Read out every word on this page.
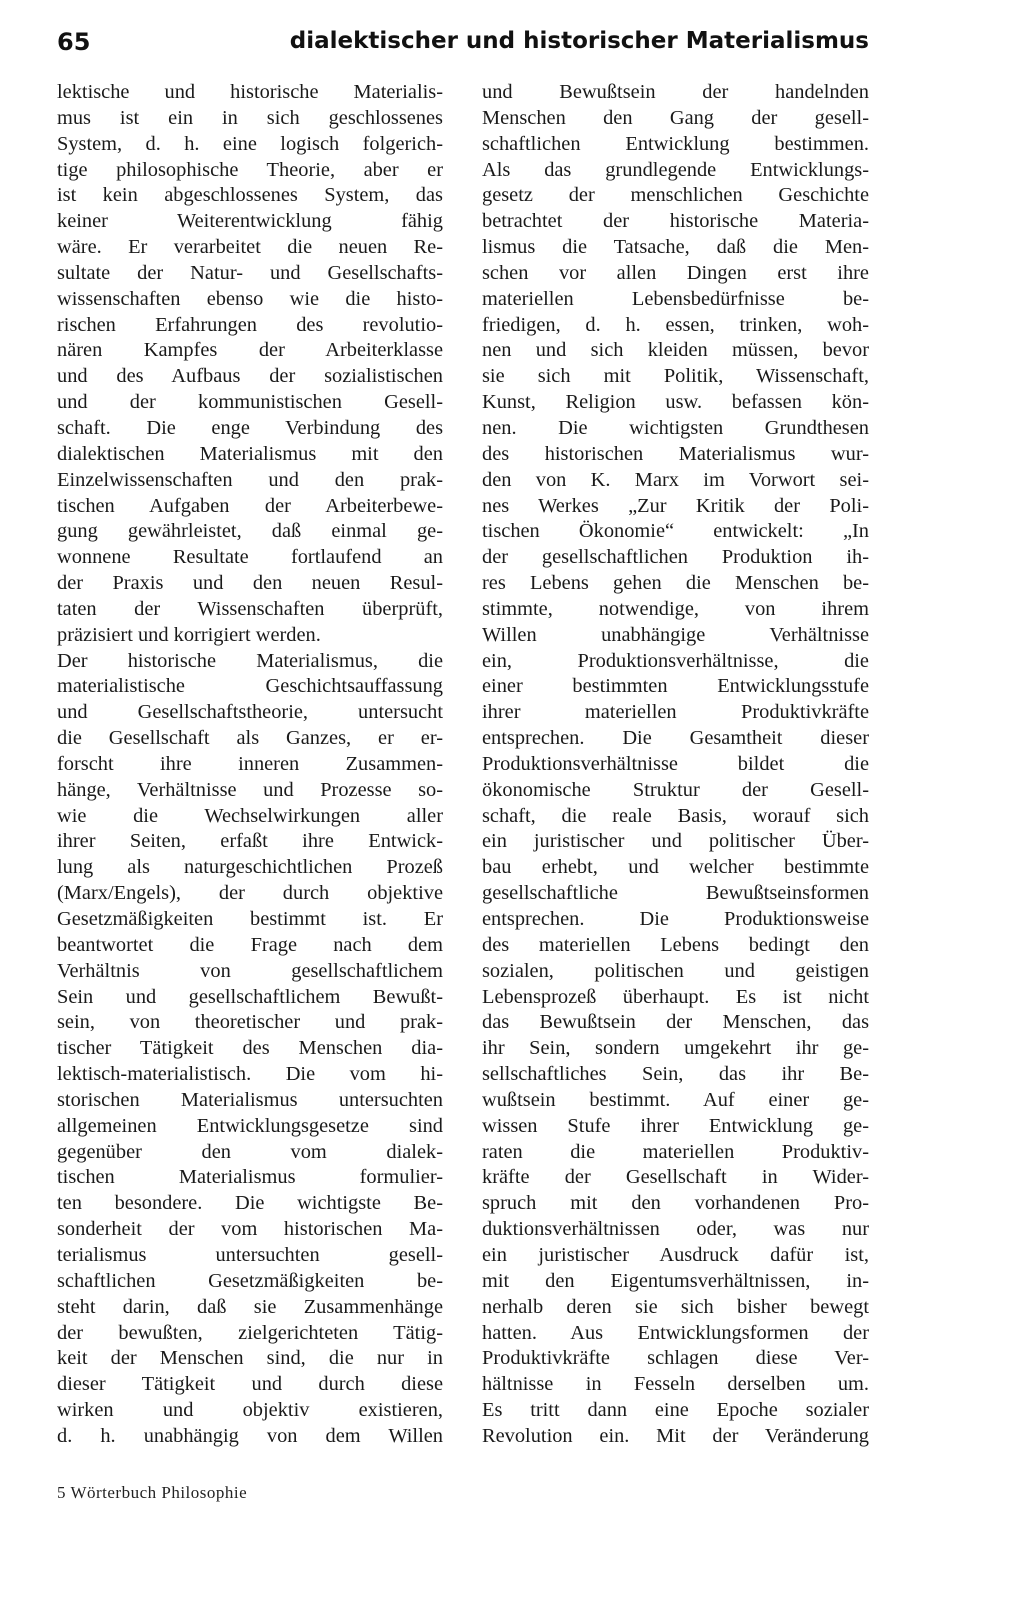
65	dialektischer und historischer Materialismus
lektische und historische Materialis-
mus ist ein in sich geschlossenes
System, d. h. eine logisch folgerich-
tige philosophische Theorie, aber er
ist kein abgeschlossenes System, das
keiner Weiterentwicklung fähig
wäre. Er verarbeitet die neuen Re-
sultate der Natur- und Gesellschafts-
wissenschaften ebenso wie die histo-
rischen Erfahrungen des revolutio-
nären Kampfes der Arbeiterklasse
und des Aufbaus der sozialistischen
und der kommunistischen Gesell-
schaft. Die enge Verbindung des
dialektischen Materialismus mit den
Einzelwissenschaften und den prak-
tischen Aufgaben der Arbeiterbewe-
gung gewährleistet, daß einmal ge-
wonnene Resultate fortlaufend an
der Praxis und den neuen Resul-
taten der Wissenschaften überprüft,
präzisiert und korrigiert werden.
Der historische Materialismus, die
materialistische Geschichtsauffassung
und Gesellschaftstheorie, untersucht
die Gesellschaft als Ganzes, er er-
forscht ihre inneren Zusammen-
hänge, Verhältnisse und Prozesse so-
wie die Wechselwirkungen aller
ihrer Seiten, erfaßt ihre Entwick-
lung als naturgeschichtlichen Prozeß
(Marx/Engels), der durch objektive
Gesetzmäßigkeiten bestimmt ist. Er
beantwortet die Frage nach dem
Verhältnis von gesellschaftlichem
Sein und gesellschaftlichem Bewußt-
sein, von theoretischer und prak-
tischer Tätigkeit des Menschen dia-
lektisch-materialistisch. Die vom hi-
storischen Materialismus untersuchten
allgemeinen Entwicklungsgesetze sind
gegenüber den vom dialek-
tischen Materialismus formulier-
ten besondere. Die wichtigste Be-
sonderheit der vom historischen Ma-
terialismus untersuchten gesell-
schaftlichen Gesetzmäßigkeiten be-
steht darin, daß sie Zusammenhänge
der bewußten, zielgerichteten Tätig-
keit der Menschen sind, die nur in
dieser Tätigkeit und durch diese
wirken und objektiv existieren,
d. h. unabhängig von dem Willen
und Bewußtsein der handelnden
Menschen den Gang der gesell-
schaftlichen Entwicklung bestimmen.
Als das grundlegende Entwicklungs-
gesetz der menschlichen Geschichte
betrachtet der historische Materia-
lismus die Tatsache, daß die Men-
schen vor allen Dingen erst ihre
materiellen Lebensbedürfnisse be-
friedigen, d. h. essen, trinken, woh-
nen und sich kleiden müssen, bevor
sie sich mit Politik, Wissenschaft,
Kunst, Religion usw. befassen kön-
nen. Die wichtigsten Grundthesen
des historischen Materialismus wur-
den von K. Marx im Vorwort sei-
nes Werkes „Zur Kritik der Poli-
tischen Ökonomie“ entwickelt: „In
der gesellschaftlichen Produktion ih-
res Lebens gehen die Menschen be-
stimmte, notwendige, von ihrem
Willen unabhängige Verhältnisse
ein, Produktionsverhältnisse, die
einer bestimmten Entwicklungsstufe
ihrer materiellen Produktivkräfte
entsprechen. Die Gesamtheit dieser
Produktionsverhältnisse bildet die
ökonomische Struktur der Gesell-
schaft, die reale Basis, worauf sich
ein juristischer und politischer Über-
bau erhebt, und welcher bestimmte
gesellschaftliche Bewußtseinsformen
entsprechen. Die Produktionsweise
des materiellen Lebens bedingt den
sozialen, politischen und geistigen
Lebensprozeß überhaupt. Es ist nicht
das Bewußtsein der Menschen, das
ihr Sein, sondern umgekehrt ihr ge-
sellschaftliches Sein, das ihr Be-
wußtsein bestimmt. Auf einer ge-
wissen Stufe ihrer Entwicklung ge-
raten die materiellen Produktiv-
kräfte der Gesellschaft in Wider-
spruch mit den vorhandenen Pro-
duktionsverhältnissen oder, was nur
ein juristischer Ausdruck dafür ist,
mit den Eigentumsverhältnissen, in-
nerhalb deren sie sich bisher bewegt
hatten. Aus Entwicklungsformen der
Produktivkräfte schlagen diese Ver-
hältnisse in Fesseln derselben um.
Es tritt dann eine Epoche sozialer
Revolution ein. Mit der Veränderung
5 Wörterbuch Philosophie
